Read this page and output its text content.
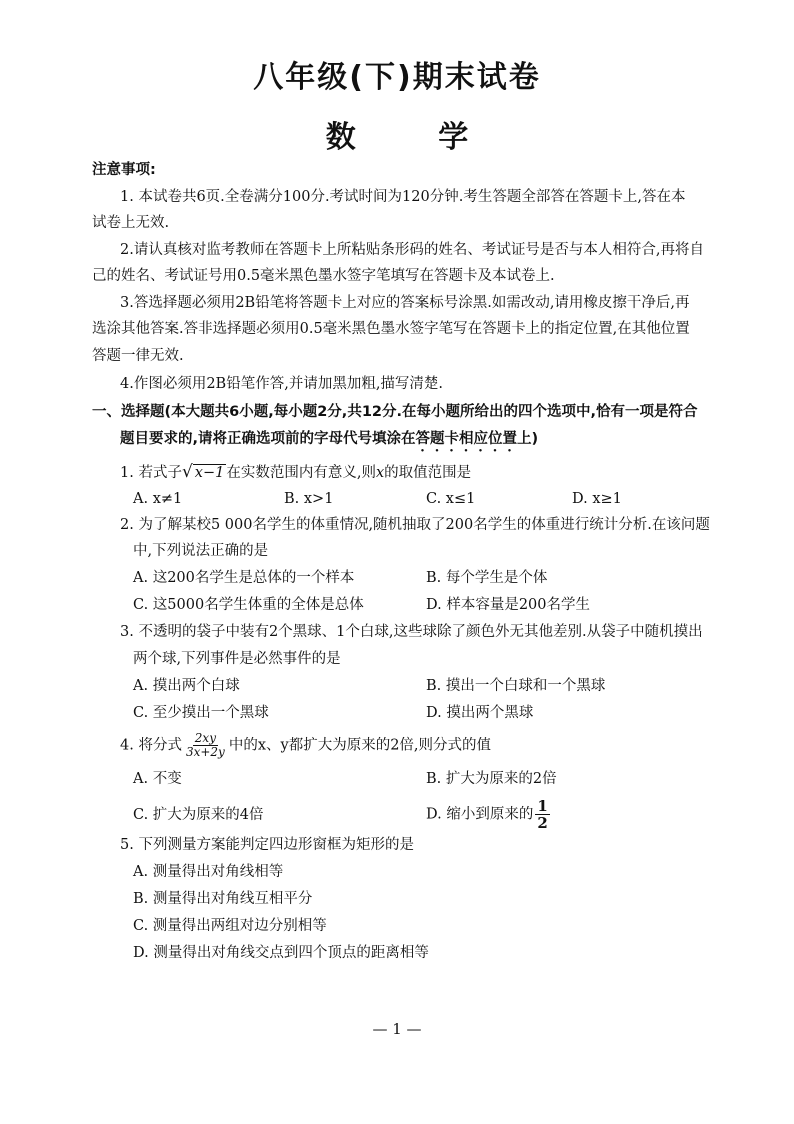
八年级(下)期末试卷
数 学
注意事项:
1. 本试卷共6页.全卷满分100分.考试时间为120分钟.考生答题全部答在答题卡上,答在本
试卷上无效.
2.请认真核对监考教师在答题卡上所粘贴条形码的姓名、考试证号是否与本人相符合,再将自
己的姓名、考试证号用0.5毫米黑色墨水签字笔填写在答题卡及本试卷上.
3.答选择题必须用2B铅笔将答题卡上对应的答案标号涂黑.如需改动,请用橡皮擦干净后,再
选涂其他答案.答非选择题必须用0.5毫米黑色墨水签字笔写在答题卡上的指定位置,在其他位置
答题一律无效.
4.作图必须用2B铅笔作答,并请加黑加粗,描写清楚.
一、选择题(本大题共6小题,每小题2分,共12分.在每小题所给出的四个选项中,恰有一项是符合
题目要求的,请将正确选项前的字母代号填涂在答题卡相应位置上)
1. 若式子√ x−1 在实数范围内有意义,则x的取值范围是
A. x≠1	B. x>1	C. x≤1	D. x≥1
2. 为了解某校5 000名学生的体重情况,随机抽取了200名学生的体重进行统计分析.在该问题
中,下列说法正确的是
A. 这200名学生是总体的一个样本	B. 每个学生是个体
C. 这5000名学生体重的全体是总体	D. 样本容量是200名学生
3. 不透明的袋子中装有2个黑球、1个白球,这些球除了颜色外无其他差别.从袋子中随机摸出
两个球,下列事件是必然事件的是
A. 摸出两个白球	B. 摸出一个白球和一个黑球
C. 至少摸出一个黑球	D. 摸出两个黑球
4. 将分式 $\frac{2xy}{3x+2y}$ 中的x、y都扩大为原来的2倍,则分式的值
A. 不变	B. 扩大为原来的2倍
C. 扩大为原来的4倍	D. 缩小到原来的 $\frac{1}{2}$
5. 下列测量方案能判定四边形窗框为矩形的是
A. 测量得出对角线相等
B. 测量得出对角线互相平分
C. 测量得出两组对边分别相等
D. 测量得出对角线交点到四个顶点的距离相等
— 1 —
